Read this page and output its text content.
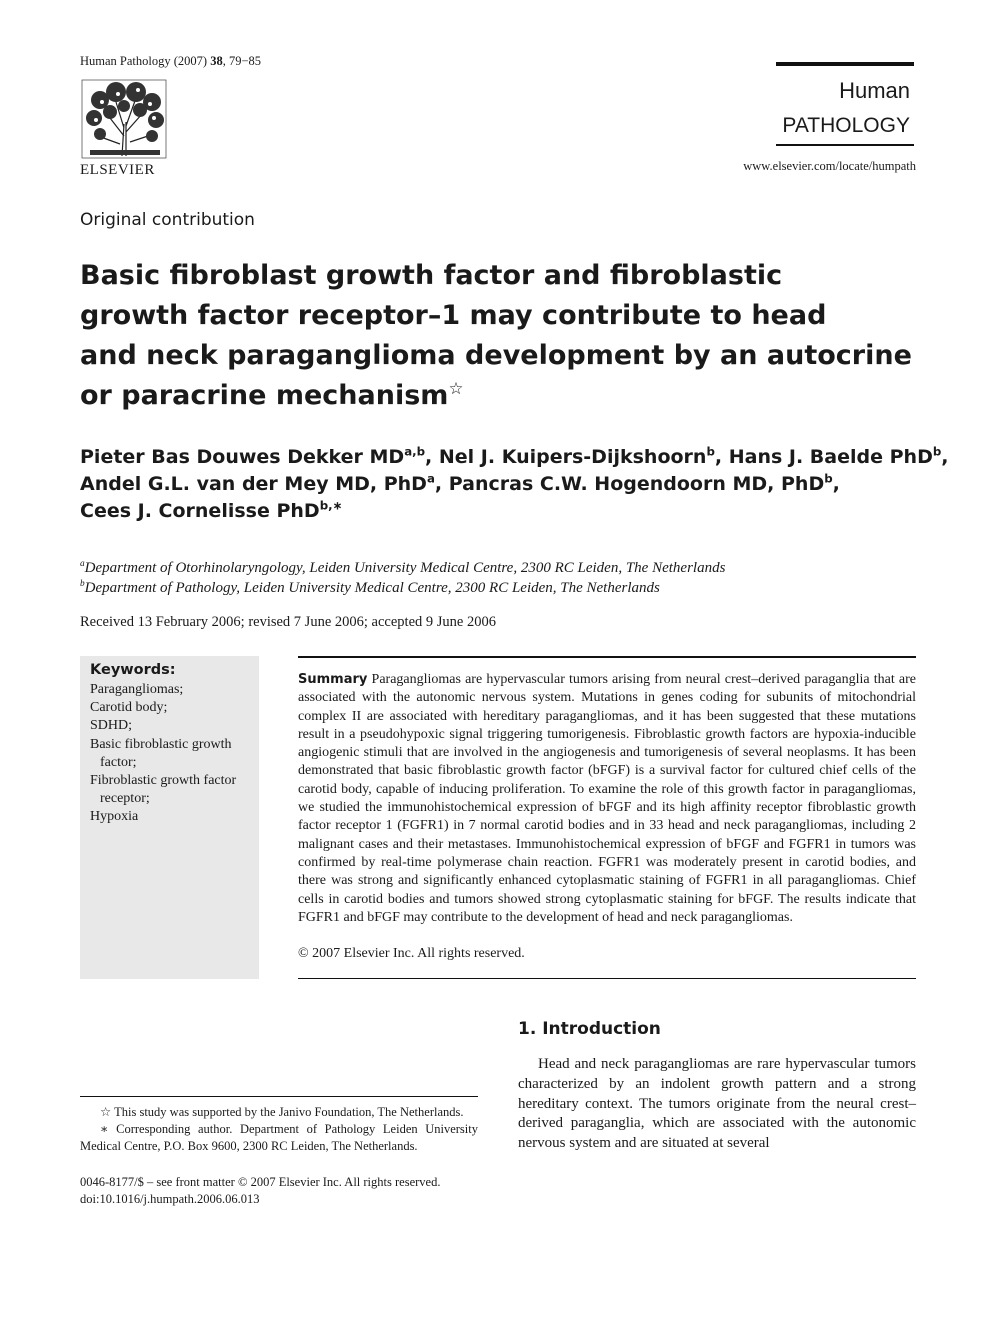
Human Pathology (2007) 38, 79−85
ELSEVIER
Human
PATHOLOGY
www.elsevier.com/locate/humpath
Original contribution
Basic fibroblast growth factor and fibroblastic
growth factor receptor–1 may contribute to head
and neck paraganglioma development by an autocrine
or paracrine mechanism☆
Pieter Bas Douwes Dekker MD$^{a,b}$, Nel J. Kuipers-Dijkshoorn$^b$, Hans J. Baelde PhD$^b$,
Andel G.L. van der Mey MD, PhD$^a$, Pancras C.W. Hogendoorn MD, PhD$^b$,
Cees J. Cornelisse PhD$^{b,∗}$
$^a$Department of Otorhinolaryngology, Leiden University Medical Centre, 2300 RC Leiden, The Netherlands
$^b$Department of Pathology, Leiden University Medical Centre, 2300 RC Leiden, The Netherlands
Received 13 February 2006; revised 7 June 2006; accepted 9 June 2006
Keywords:
Paragangliomas;
Carotid body;
SDHD;
Basic fibroblastic growth factor;
Fibroblastic growth factor receptor;
Hypoxia
Summary Paragangliomas are hypervascular tumors arising from neural crest–derived paraganglia that are associated with the autonomic nervous system. Mutations in genes coding for subunits of mitochondrial complex II are associated with hereditary paragangliomas, and it has been suggested that these mutations result in a pseudohypoxic signal triggering tumorigenesis. Fibroblastic growth factors are hypoxia-inducible angiogenic stimuli that are involved in the angiogenesis and tumorigenesis of several neoplasms. It has been demonstrated that basic fibroblastic growth factor (bFGF) is a survival factor for cultured chief cells of the carotid body, capable of inducing proliferation. To examine the role of this growth factor in paragangliomas, we studied the immunohistochemical expression of bFGF and its high affinity receptor fibroblastic growth factor receptor 1 (FGFR1) in 7 normal carotid bodies and in 33 head and neck paragangliomas, including 2 malignant cases and their metastases. Immunohistochemical expression of bFGF and FGFR1 in tumors was confirmed by real-time polymerase chain reaction. FGFR1 was moderately present in carotid bodies, and there was strong and significantly enhanced cytoplasmatic staining of FGFR1 in all paragangliomas. Chief cells in carotid bodies and tumors showed strong cytoplasmatic staining for bFGF. The results indicate that FGFR1 and bFGF may contribute to the development of head and neck paragangliomas.
© 2007 Elsevier Inc. All rights reserved.
1. Introduction
Head and neck paragangliomas are rare hypervascular tumors characterized by an indolent growth pattern and a strong hereditary context. The tumors originate from the neural crest–derived paraganglia, which are associated with the autonomic nervous system and are situated at several
☆ This study was supported by the Janivo Foundation, The Netherlands.
∗ Corresponding author. Department of Pathology Leiden University Medical Centre, P.O. Box 9600, 2300 RC Leiden, The Netherlands.
0046-8177/$ – see front matter © 2007 Elsevier Inc. All rights reserved.
doi:10.1016/j.humpath.2006.06.013
